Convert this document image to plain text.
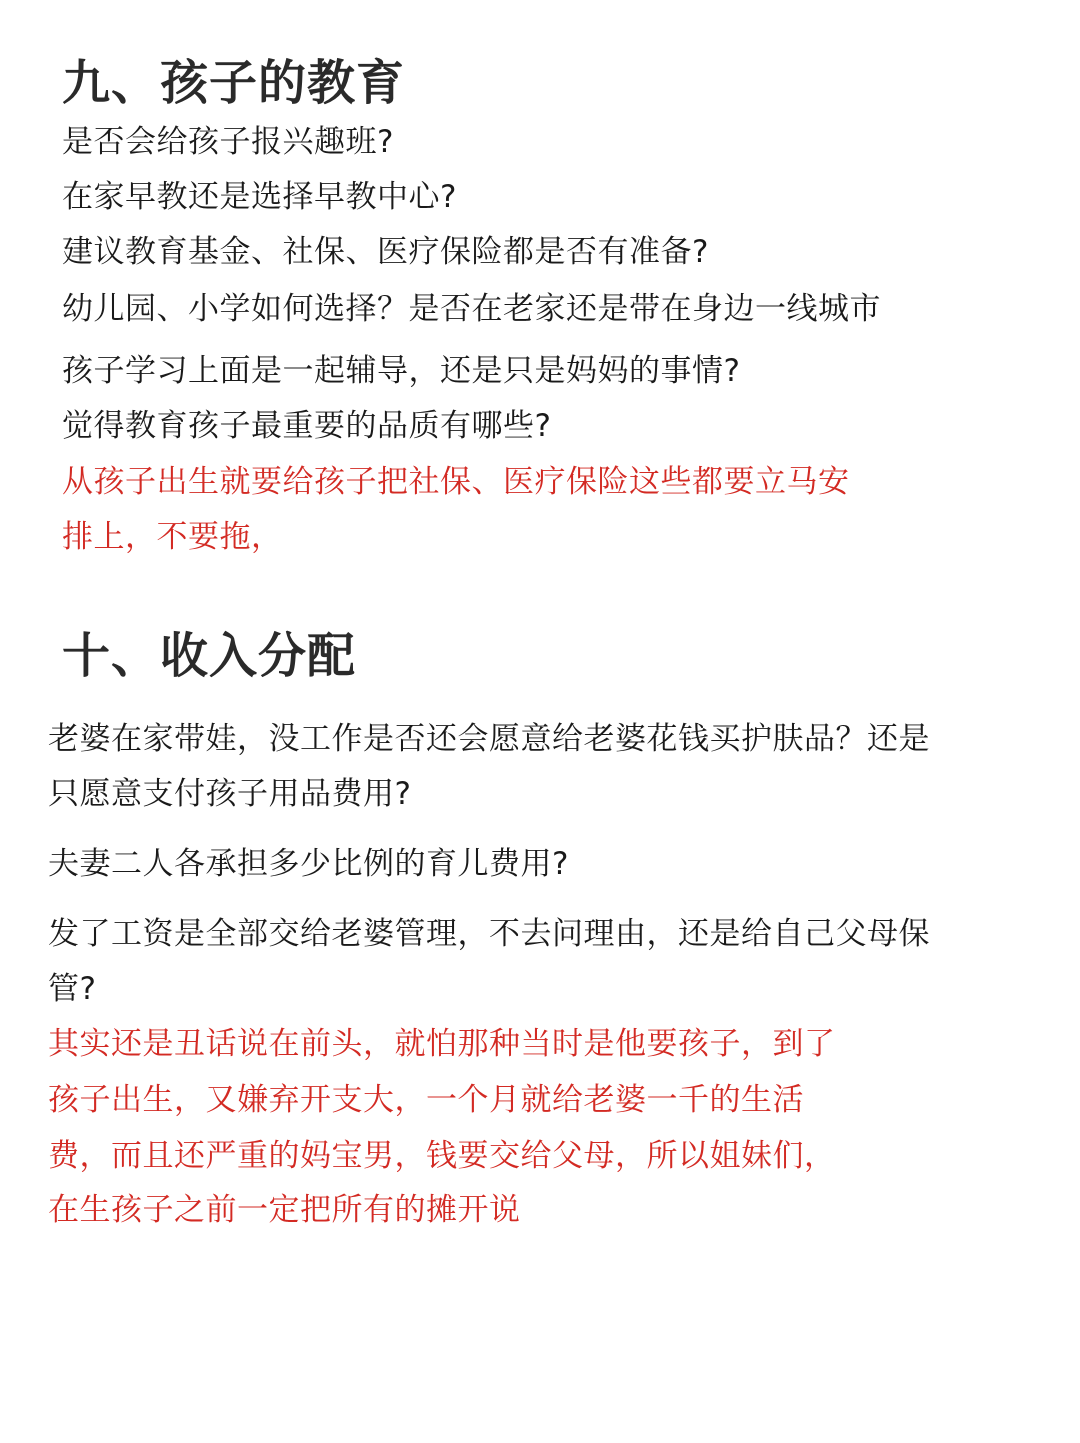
九、孩子的教育
是否会给孩子报兴趣班?
在家早教还是选择早教中心?
建议教育基金、社保、医疗保险都是否有准备?
幼儿园、小学如何选择？是否在老家还是带在身边一线城市
孩子学习上面是一起辅导，还是只是妈妈的事情?
觉得教育孩子最重要的品质有哪些?
从孩子出生就要给孩子把社保、医疗保险这些都要立马安
排上，不要拖，
十、收入分配
老婆在家带娃，没工作是否还会愿意给老婆花钱买护肤品？还是
只愿意支付孩子用品费用?
夫妻二人各承担多少比例的育儿费用?
发了工资是全部交给老婆管理，不去问理由，还是给自己父母保
管?
其实还是丑话说在前头，就怕那种当时是他要孩子，到了
孩子出生，又嫌弃开支大，一个月就给老婆一千的生活
费，而且还严重的妈宝男，钱要交给父母，所以姐妹们，
在生孩子之前一定把所有的摊开说
